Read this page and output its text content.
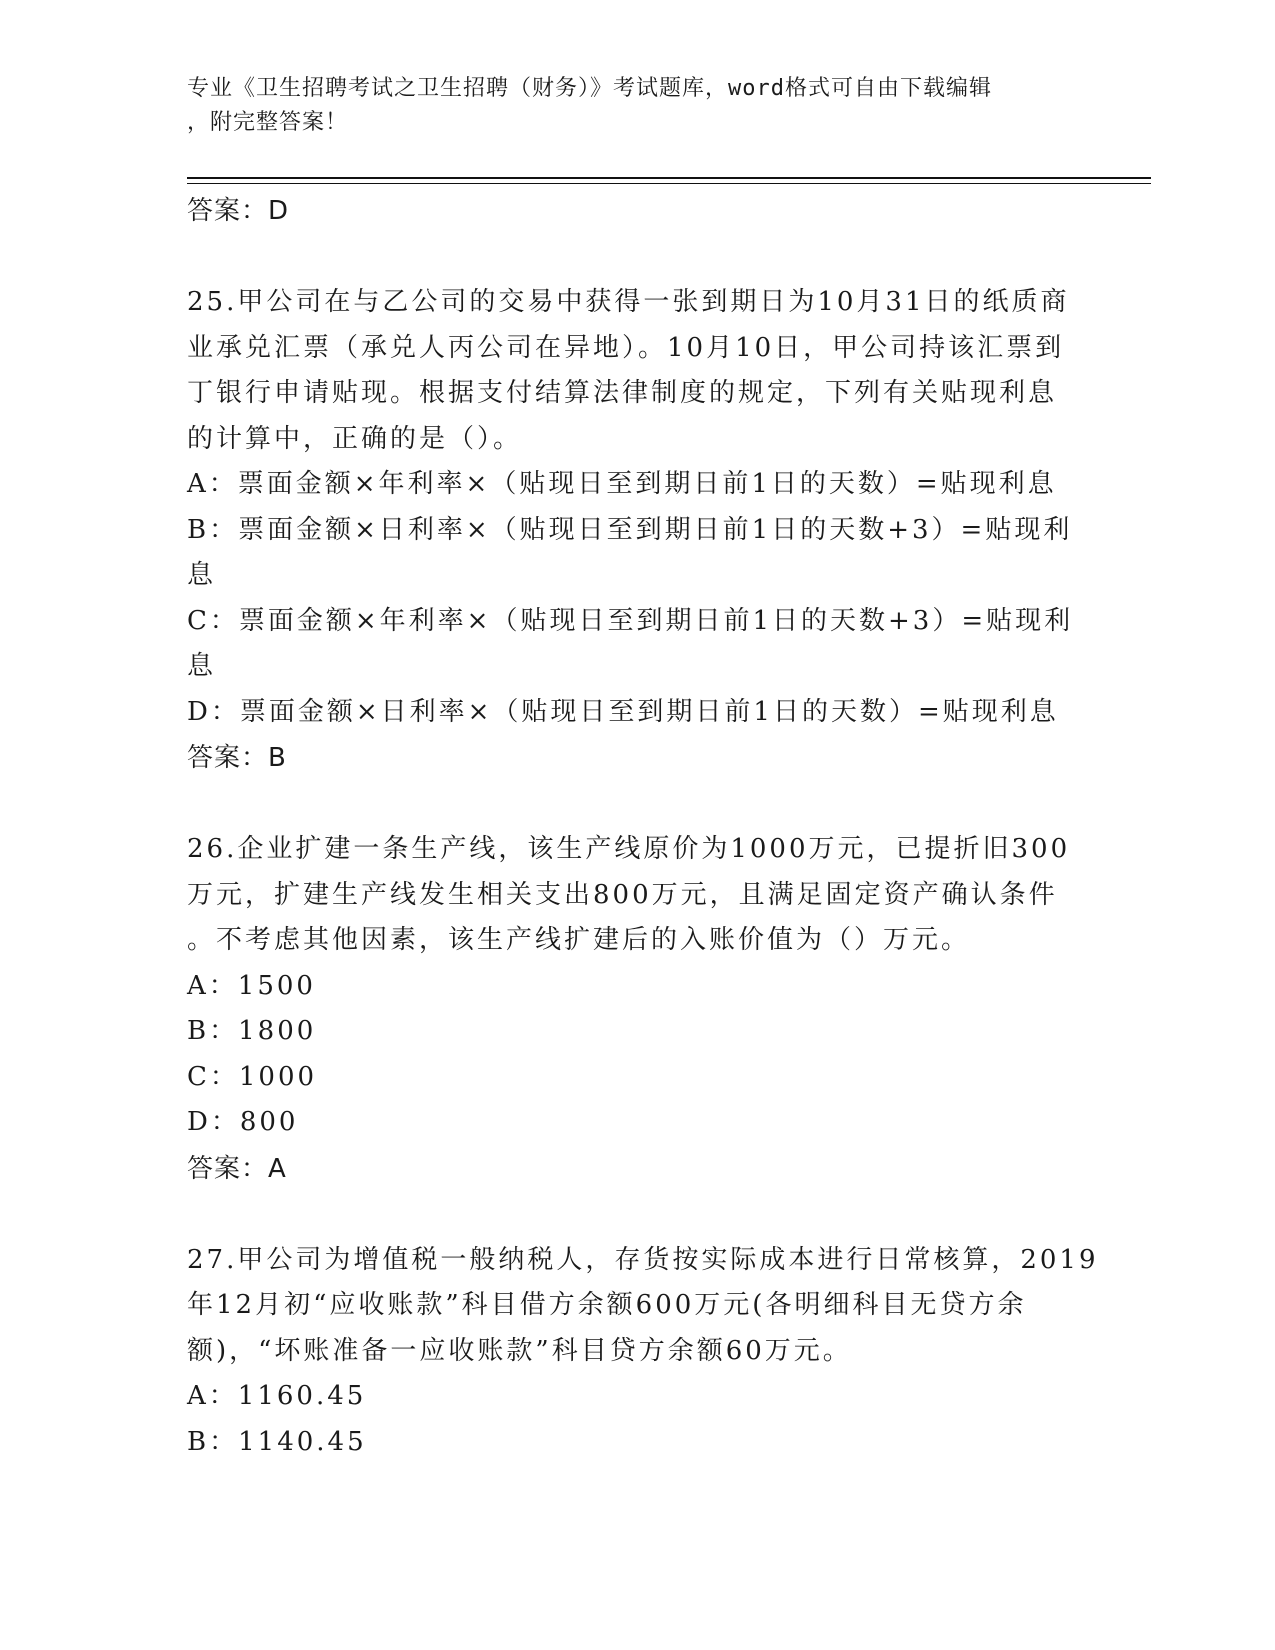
专业《卫生招聘考试之卫生招聘（财务）》考试题库，word格式可自由下载编辑
，附完整答案！
答案：D
25.甲公司在与乙公司的交易中获得一张到期日为10月31日的纸质商
业承兑汇票（承兑人丙公司在异地）。10月10日，甲公司持该汇票到
丁银行申请贴现。根据支付结算法律制度的规定，下列有关贴现利息
的计算中，正确的是（）。
A：票面金额×年利率×（贴现日至到期日前1日的天数）=贴现利息
B：票面金额×日利率×（贴现日至到期日前1日的天数+3）=贴现利
息
C：票面金额×年利率×（贴现日至到期日前1日的天数+3）=贴现利
息
D：票面金额×日利率×（贴现日至到期日前1日的天数）=贴现利息
答案：B
26.企业扩建一条生产线，该生产线原价为1000万元，已提折旧300
万元，扩建生产线发生相关支出800万元，且满足固定资产确认条件
。不考虑其他因素，该生产线扩建后的入账价值为（）万元。
A：1500
B：1800
C：1000
D：800
答案：A
27.甲公司为增值税一般纳税人，存货按实际成本进行日常核算，2019
年12月初“应收账款”科目借方余额600万元(各明细科目无贷方余
额)，“坏账准备一应收账款”科目贷方余额60万元。
A：1160.45
B：1140.45
